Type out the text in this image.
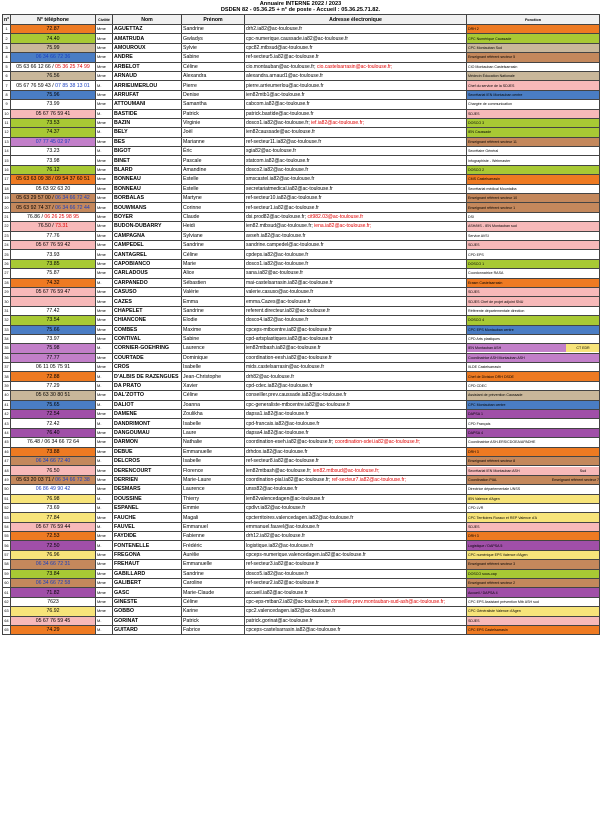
Annuaire INTERNE 2022 / 2023
DSDEN 82 - 05.36.25 + n° de poste - Accueil : 05.36.25.71.82.
n°	N° téléphone	Civilité	Nom	Prénom	Adresse électronique	Fonction
1	72.87	Mme	AGUETTAZ	Sandrine	drh2.ia82@ac-toulouse.fr	DRH 2
2	74.40	Mme	AMATRUDA	Gwladys	cpc-numerique.caussade.ia82@ac-toulouse.fr	CPC Numérique Caussade
3	75.99	Mme	AMOUROUX	Sylvie	cpc82.mtbsud@ac-toulouse.fr	CPC Montauban Sud
4	06 34 66 72 36	Mme	ANDRE	Sabine	ref-secteur5.ia82@ac-toulouse.fr	Enseignant référent secteur 5
5	05 63 66 12 66 / 05 36 25 74 99	Mme	ARBELOT	Céline	cio.montauban@ac-toulouse.fr; cio.castelsarrasin@ac-toulouse.fr;	CIO Montauban Castelsarrasin
6	76.56	Mme	ARNAUD	Alexandra	alexandra.arnaud1@ac-toulouse.fr	Médecin Éducation Nationale
7	05 67 76 59 43 / 07 85 38 13 01	M.	ARRIEUMERLOU	Pierre	pierre.arrieumerlou@ac-toulouse.fr	Chef du service de la SDJES
8	75.96	Mme	ARRUFAT	Denise	ien82mtb1@ac-toulouse.fr	Secrétariat IEN Montauban centre
9	73.99	Mme	ATTOUMANI	Samantha	cabcom.ia82@ac-toulouse.fr	Chargée de communication
10	05 67 76 59 41	M.	BASTIDE	Patrick	patrick.bastide@ac-toulouse.fr	SDJES
11	73.53	Mme	BAZIN	Virginie	dosco1.ia82@ac-toulouse.fr; ief.ia82@ac-toulouse.fr;	DOSCO 3
12	74.37	M.	BELY	Joël	ien82caussade@ac-toulouse.fr	IEN Caussade
13	07 77 45 02 97	Mme	BES	Marianne	ref-secteur11.ia82@ac-toulouse.fr	Enseignant référent secteur 11
14	73.23	M.	BIGOT	Éric	sgia82@ac-toulouse.fr	Secrétaire Général
15	73.98	Mme	BINET	Pascale	statcom.ia82@ac-toulouse.fr	Infographiste - Webmaster
16	76.12	Mme	BLARD	Amandine	dosco2.ia82@ac-toulouse.fr	DOSCO 2
17	05 63 63 09 38 / 09 54 37 60 51	Mme	BONNEAU	Estelle	smscastel.ia82@ac-toulouse.fr	CMS Castelsarrasin
18	05 63 92 63 20	Mme	BONNEAU	Estelle	secretariatmedical.ia82@ac-toulouse.fr	Secrétariat médical Mountalba
19	05 63 29 57 00 / 06 34 66 72 42	Mme	BORBALAS	Martyne	ref-secteur10.ia82@ac-toulouse.fr	Enseignant référent secteur 10
20	05 63 92 74 37 / 06 34 66 72 44	Mme	BOUWMANS	Corinne	ref-secteur1.ia82@ac-toulouse.fr	Enseignant référent secteur 1
21	76.86 / 06 26 25 98 95	Mme	BOYER	Claude	dsi.prod82@ac-toulouse.fr; cit982.03@ac-toulouse.fr	DSI
22	76.50 / 73.31	Mme	BUDON-DUBARRY	Heidi	ien82.mtbsud@ac-toulouse.fr; ienа.ia82@ac-toulouse.fr;	ASH/MS - IEN Montauban sud
23	77.76	Mme	CAMPAGNA	Sylviane	avseh.ia82@ac-toulouse.fr	Service AVSI
24	05 67 76 59 42	Mme	CAMPEDEL	Sandrine	sandrine.campedel@ac-toulouse.fr	SDJES
25	73.93	Mme	CANTAGREL	Céline	cpdeps.ia82@ac-toulouse.fr	CPD EPS
26	73.85	Mme	CAPOBIANCO	Marie	dosco1.ia82@ac-toulouse.fr	DOSCO 1
27	75.87	Mme	CARLADOUS	Alice	sana.ia82@ac-toulouse.fr	Coordonnatrice RASA
28	74.32	M.	CARPANEDO	Sébastien	mai-castelsarrasin.ia82@ac-toulouse.fr	Erasm Castelsarrasin
29	05 67 76 59 47	Mme	CASUSO	Valérie	valerie.casuso@ac-toulouse.fr	SDJES
30		Mme	CAZES	Emma	emma.Cazes@ac-toulouse.fr	SDJES Chef de projet adjoint SNU
31	77.42	Mme	CHAPELET	Sandrine	referent.directeur.ia82@ac-toulouse.fr	Référente départementale direction
32	73.54	Mme	CHIANCONE	Elodie	dosco4.ia82@ac-toulouse.fr	DOSCO 4
33	75.66	Mme	COMBES	Maxime	cpceps-mtbcentre.ia82@ac-toulouse.fr	CPC EPS Montauban centre
34	73.97	Mme	CONTIVAL	Sabine	cpd-artsplastiques.ia82@ac-toulouse.fr	CPD Arts plastiques
35	75.98	M.	CORNIER-GOEHRING	Laurence	ien82mtbash.ia82@ac-toulouse.fr	IEN Montauban ASH CT EDR

36	77.77	Mme	COURTADE	Dominique	coordination-eesh.ia82@ac-toulouse.fr	Coordinatrice ASH Montauban ASH
37	06 11 05 75 91	Mme	CROS	Isabelle	mids.castelsarrasin@ac-toulouse.fr	IILDE Castelsarrasin
38	72.88	M.	D'ALBIS DE RAZENGUES	Jean-Christophe	drh82@ac-toulouse.fr	Chef de Division DRH DSDE
39	77.29	M.	DA PRATO	Xavier	cpd-cdec.ia82@ac-toulouse.fr	CPD CDEC
40	05 63 30 80 51	Mme	DAL'ZOTTO	Céline	conseiller.prev.caussade.ia82@ac-toulouse.fr	Assistant de prévention Caussade
41	75.65	M.	DALIOT	Joanna	cpc-generaliste-mtbcentre.ia82@ac-toulouse.fr	CPC Montauban centre
42	72.54	Mme	DAMENE	Zoulikha	dapsa1.ia82@ac-toulouse.fr	DAPSA 1
43	72.42	M.	DANDRIMONT	Isabelle	cpd-francais.ia82@ac-toulouse.fr	CPD Français
44	76.40	Mme	DANGOUMAU	Laure	dapsa4.ia82@ac-toulouse.fr	DAPSA 4
45	76.48 / 06 34 66 72 64	Mme	DARMON	Nathalie	coordination-eseh.ia82@ac-toulouse.fr; coordination-sdei.ia82@ac-toulouse.fr;	Coordinatrice ASH-ERS/CDOEA/APADHE
46	73.88	Mme	DEBUE	Emmanuelle	drhdox.ia82@ac-toulouse.fr	DRH 3
47	06 34 66 72 40	M.	DELCROS	Isabelle	ref-secteur8.ia82@ac-toulouse.fr	Enseignant référent secteur 8
48	76.50	Mme	DERENCOURT	Florence	ien82mtbash@ac-toulouse.fr; ien82.mtbsud@ac-toulouse.fr;	Secrétariat IEN Montauban ASH Sud

49	05 63 20 03 71 / 06 34 66 72 38	Mme	DERRIEN	Marie-Laure	coordination-pial.ia82@ac-toulouse.fr; ref-secteur7.ia82@ac-toulouse.fr;	Coordination PIAL Enseignant référent secteur 7

50	06 86 49 90 42	Mme	DESMARS	Laurence	unss82@ac-toulouse.fr	Directrice départementale UNSS
51	76.98	M.	DOUSSINE	Thierry	ien82valencedagen@ac-toulouse.fr	IEN Valence d'Agen
52	73.69	M.	ESPANEL	Emmie	cpdlvr.ia82@ac-toulouse.fr	CPD LVR
53	77.84	Mme	FAUCHE	Magali	cpcterritoires.valencedagen.ia82@ac-toulouse.fr	CPC Territoires Ruraux et REP Valence d'A
54	05 67 76 59 44	M.	FAUVEL	Emmanuel	emmanuel.fauvel@ac-toulouse.fr	SDJES
55	72.53	Mme	FAYDIDE	Fabienne	drh12.ia82@ac-toulouse.fr	DRH 3
56	72.50	M.	FONTENELLE	Frédéric	logistique.ia82@ac-toulouse.fr	Logistique / DAPSA 5
57	76.96	Mme	FREGONA	Aurélie	cpceps-numerique.valencedagen.ia82@ac-toulouse.fr	CPC numérique EPS Valence d'Agen
58	06 34 66 72 31	Mme	FREHAUT	Emmanuelle	ref-secteur3.ia82@ac-toulouse.fr	Enseignant référent secteur 3
59	73.84	Mme	GABILLARD	Sandrine	dosco5.ia82@ac-toulouse.fr	DOSCO sous-cap
60	06 34 66 72 58	Mme	GALIBERT	Caroline	ref-secteur2.ia82@ac-toulouse.fr	Enseignant référent secteur 2
61	71.82	Mme	GASC	Marie-Claude	accueil.ia82@ac-toulouse.fr	Accueil / DAPSA 4
62	7623	Mme	GINESTE	Céline	cpc-eps-mtban2.ia82@ac-toulouse.fr; conseiller.prev.montauban-sud-ash@ac-toulouse.fr;	CPC EPS Assistant prévention Mtb ASH sud
63	76.92	Mme	GOBBO	Karine	cpc2.valencedagen.ia82@ac-toulouse.fr	CPC Généraliste Valence d'Agen
64	05 67 76 59 45	M.	GORINAT	Patrick	patrick.gorinat@ac-toulouse.fr	SDJES
65	74.29	M.	GUITARD	Fabrice	cpceps-castelsarrasin.ia82@ac-toulouse.fr	CPC EPS Castelsarrasin
